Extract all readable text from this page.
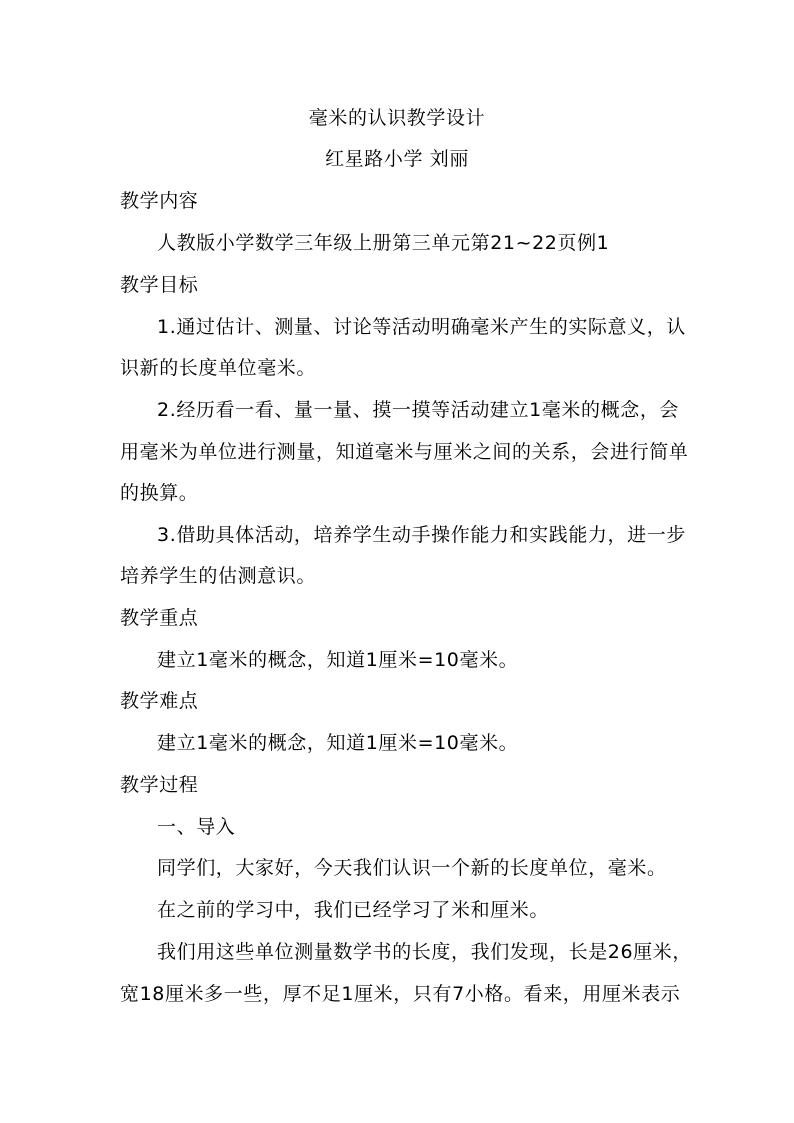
毫米的认识教学设计
红星路小学 刘丽
教学内容
人教版小学数学三年级上册第三单元第21~22页例1
教学目标
1.通过估计、测量、讨论等活动明确毫米产生的实际意义，认
识新的长度单位毫米。
2.经历看一看、量一量、摸一摸等活动建立1毫米的概念，会
用毫米为单位进行测量，知道毫米与厘米之间的关系，会进行简单
的换算。
3.借助具体活动，培养学生动手操作能力和实践能力，进一步
培养学生的估测意识。
教学重点
建立1毫米的概念，知道1厘米=10毫米。
教学难点
建立1毫米的概念，知道1厘米=10毫米。
教学过程
一、导入
同学们，大家好，今天我们认识一个新的长度单位，毫米。
在之前的学习中，我们已经学习了米和厘米。
我们用这些单位测量数学书的长度，我们发现，长是26厘米，
宽18厘米多一些，厚不足1厘米，只有7小格。看来，用厘米表示
